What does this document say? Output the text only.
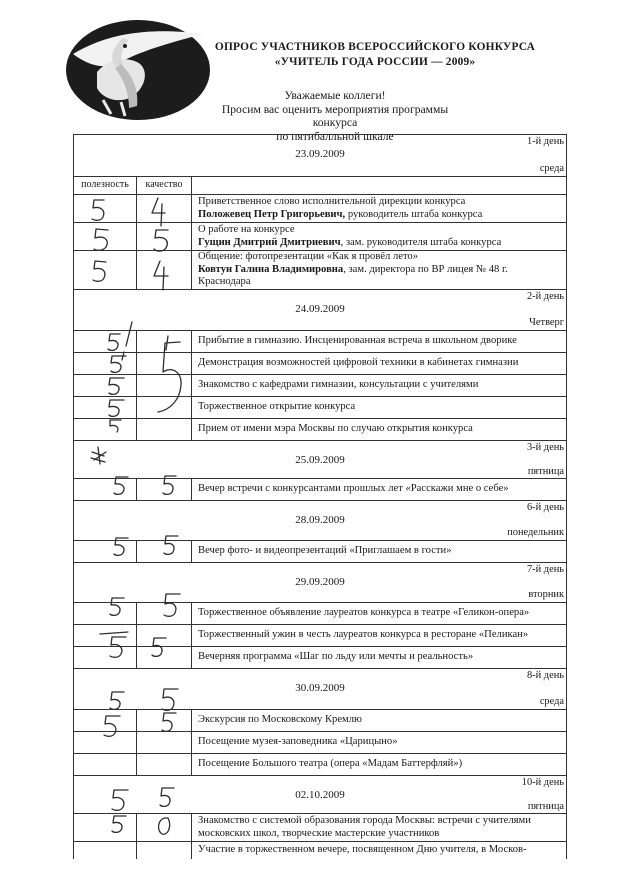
ОПРОС УЧАСТНИКОВ ВСЕРОССИЙСКОГО КОНКУРСА
«УЧИТЕЛЬ ГОДА РОССИИ — 2009»
Уважаемые коллеги!
Просим вас оценить мероприятия программы конкурса
по пятибалльной шкале	1-й день
23.09.2009
среда		

полезность	качество	

		Приветственное слово исполнительной дирекции конкурса
Положевец Петр Григорьевич, руководитель штаба конкурса

		О работе на конкурсе
Гущин Дмитрий Дмитриевич, зам. руководителя штаба конкурса

		Общение: фотопрезентации «Как я провёл лето»
Ковтун Галина Владимировна, зам. директора по ВР лицея № 48 г. Краснодара

2-й день
24.09.2009
Четверг		

		Прибытие в гимназию. Инсценированная встреча в школьном дворике
		Демонстрация возможностей цифровой техники в кабинетах гимназии
		Знакомство с кафедрами гимназии, консультации с учителями
		Торжественное открытие конкурса
		Прием от имени мэра Москвы по случаю открытия конкурса

3-й день
25.09.2009
пятница		

		Вечер встречи с конкурсантами прошлых лет «Расскажи мне о себе»

6-й день
28.09.2009
понедельник		

		Вечер фото- и видеопрезентаций «Приглашаем в гости»

7-й день
29.09.2009
вторник		

		Торжественное объявление лауреатов конкурса в театре «Геликон-опера»
		Торжественный ужин в честь лауреатов конкурса в ресторане «Пеликан»
		Вечерняя программа «Шаг по льду или мечты и реальность»

8-й день
30.09.2009
среда		

		Экскурсия по Московскому Кремлю
		Посещение музея-заповедника «Царицыно»
		Посещение Большого театра (опера «Мадам Баттерфляй»)

10-й день
02.10.2009
пятница		

		Знакомство с системой образования города Москвы: встречи с учителями московских школ, творческие мастерские участников
		Участие в торжественном вечере, посвященном Дню учителя, в Москов-
